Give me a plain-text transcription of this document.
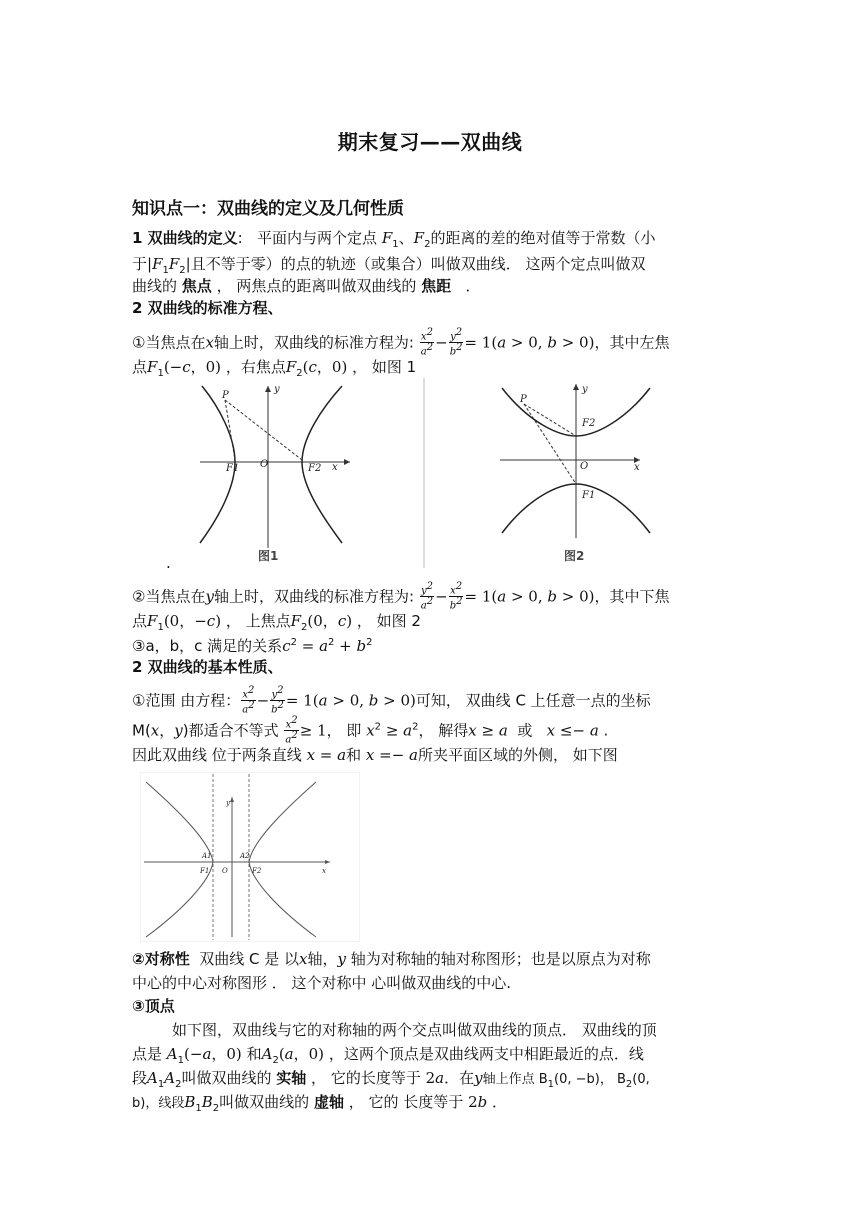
期末复习——双曲线
知识点一：双曲线的定义及几何性质
1 双曲线的定义:   平面内与两个定点 $F_1$、$F_2$的距离的差的绝对值等于常数（小
于$|F_1F_2|$且不等于零）的点的轨迹（或集合）叫做双曲线． 这两个定点叫做双
曲线的 焦点 ， 两焦点的距离叫做双曲线的 焦距 ．
2 双曲线的标准方程、
①当焦点在x轴上时，双曲线的标准方程为: $\frac{x^2}{a^2} - \frac{y^2}{b^2} = 1(a > 0$, b > 0)，其中左焦
点$F_1(-c$，0) ，右焦点$F_2(c$，0) ， 如图 1
P
F1	F2
O	x
y
图1
P
F2
F1
O	x
y
图2
.
②当焦点在y轴上时，双曲线的标准方程为: $\frac{y^2}{a^2} - \frac{x^2}{b^2} = 1(a > 0$, b > 0)，其中下焦
点$F_1(0$，−c) ， 上焦点$F_2(0$，c) ， 如图 2
③a，b，c 满足的关系$c^2 = a^2 + b^2$
2 双曲线的基本性质、
①范围 由方程： $\frac{x^2}{a^2} - \frac{y^2}{b^2} = 1(a > 0$, b > 0)可知， 双曲线 C 上任意一点的坐标
M(x，y)都适合不等式 $\frac{x^2}{a^2} \ge 1$， 即 $x^2 \ge a^2$， 解得x ≥ a 或 x ≤− a .
因此双曲线 位于两条直线 x = a和 x =− a所夹平面区域的外侧， 如下图
A1	A2
F1	F2
O	x
y
②对称性 双曲线 C 是 以x轴，y 轴为对称轴的轴对称图形；也是以原点为对称
中心的中心对称图形 ． 这个对称中 心叫做双曲线的中心.
③顶点
如下图，双曲线与它的对称轴的两个交点叫做双曲线的顶点． 双曲线的顶
点是 $A_1(-a$，0) 和$A_2(a$，0) ，这两个顶点是双曲线两支中相距最近的点．线
段$A_1A_2$叫做双曲线的 实轴 ， 它的长度等于 2a．在y轴上作点 $B_1(0$, −b)， $B_2(0$,
b)，线段$B_1B_2$叫做双曲线的 虚轴 ， 它的 长度等于 2b ．
